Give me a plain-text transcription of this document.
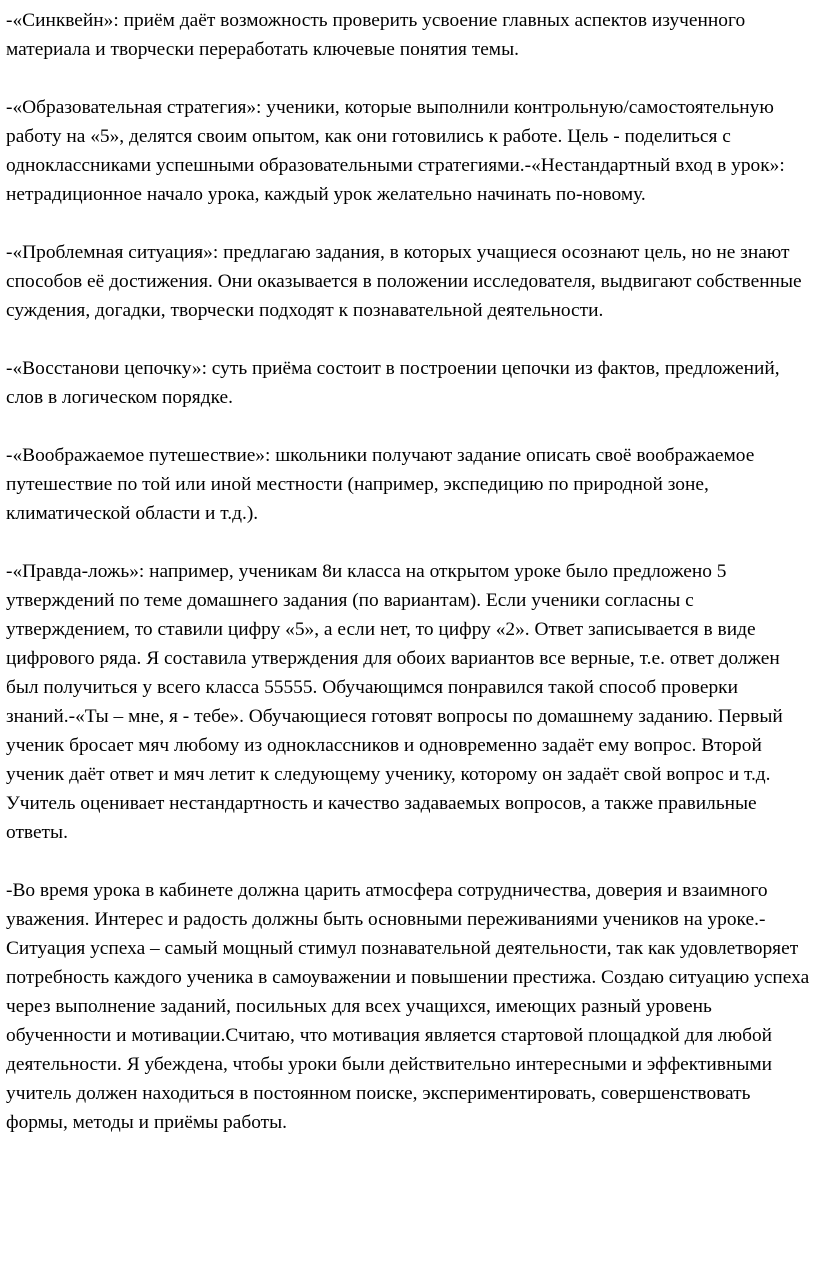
-«Синквейн»: приём даёт возможность проверить усвоение главных аспектов изученного материала и творчески переработать ключевые понятия темы.

-«Образовательная стратегия»: ученики, которые выполнили контрольную/самостоятельную работу на «5», делятся своим опытом, как они готовились к работе. Цель - поделиться с одноклассниками успешными образовательными стратегиями.-«Нестандартный вход в урок»: нетрадиционное начало урока, каждый урок желательно начинать по-новому.

-«Проблемная ситуация»: предлагаю задания, в которых учащиеся осознают цель, но не знают способов её достижения. Они оказывается в положении исследователя, выдвигают собственные суждения, догадки, творчески подходят к познавательной деятельности.

-«Восстанови цепочку»: суть приёма состоит в построении цепочки из фактов, предложений, слов в логическом порядке.

-«Воображаемое путешествие»: школьники получают задание описать своё воображаемое путешествие по той или иной местности (например, экспедицию по природной зоне, климатической области и т.д.).

-«Правда-ложь»: например, ученикам 8и класса на открытом уроке было предложено 5 утверждений по теме домашнего задания (по вариантам). Если ученики согласны с утверждением, то ставили цифру «5», а если нет, то цифру «2». Ответ записывается в виде цифрового ряда. Я составила утверждения для обоих вариантов все верные, т.е. ответ должен был получиться у всего класса 55555. Обучающимся понравился такой способ проверки знаний.-«Ты – мне, я - тебе». Обучающиеся готовят вопросы по домашнему заданию. Первый ученик бросает мяч любому из одноклассников и одновременно задаёт ему вопрос. Второй ученик даёт ответ и мяч летит к следующему ученику, которому он задаёт свой вопрос и т.д. Учитель оценивает нестандартность и качество задаваемых вопросов, а также правильные ответы.

-Во время урока в кабинете должна царить атмосфера сотрудничества, доверия и взаимного уважения. Интерес и радость должны быть основными переживаниями учеников на уроке.-Ситуация успеха – самый мощный стимул познавательной деятельности, так как удовлетворяет потребность каждого ученика в самоуважении и повышении престижа. Создаю ситуацию успеха через выполнение заданий, посильных для всех учащихся, имеющих разный уровень обученности и мотивации.Считаю, что мотивация является стартовой площадкой для любой деятельности. Я убеждена, чтобы уроки были действительно интересными и эффективными учитель должен находиться в постоянном поиске, экспериментировать, совершенствовать формы, методы и приёмы работы.
